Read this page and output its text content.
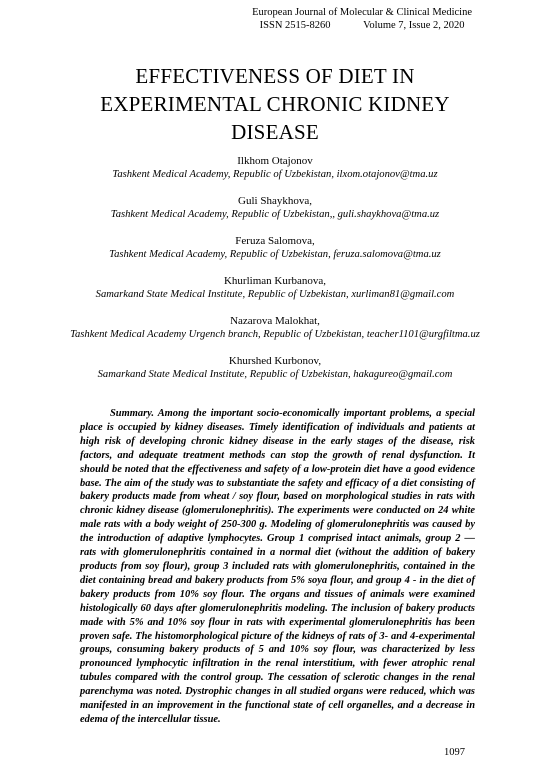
European Journal of Molecular & Clinical Medicine
ISSN 2515-8260	Volume 7, Issue 2, 2020
EFFECTIVENESS OF DIET IN EXPERIMENTAL CHRONIC KIDNEY DISEASE
Ilkhom Otajonov
Tashkent Medical Academy, Republic of Uzbekistan, ilxom.otajonov@tma.uz
Guli Shaykhova,
Tashkent Medical Academy, Republic of Uzbekistan,, guli.shaykhova@tma.uz
Feruza Salomova,
Tashkent Medical Academy, Republic of Uzbekistan, feruza.salomova@tma.uz
Khurliman Kurbanova,
Samarkand State Medical Institute, Republic of Uzbekistan, xurliman81@gmail.com
Nazarova Malokhat,
Tashkent Medical Academy Urgench branch, Republic of Uzbekistan, teacher1101@urgfiltma.uz
Khurshed Kurbonov,
Samarkand State Medical Institute, Republic of Uzbekistan, hakagureo@gmail.com

Summary. Among the important socio-economically important problems, a special place is occupied by kidney diseases. Timely identification of individuals and patients at high risk of developing chronic kidney disease in the early stages of the disease, risk factors, and adequate treatment methods can stop the growth of renal dysfunction. It should be noted that the effectiveness and safety of a low-protein diet have a good evidence base. The aim of the study was to substantiate the safety and efficacy of a diet consisting of bakery products made from wheat / soy flour, based on morphological studies in rats with chronic kidney disease (glomerulonephritis). The experiments were conducted on 24 white male rats with a body weight of 250-300 g. Modeling of glomerulonephritis was caused by the introduction of adaptive lymphocytes. Group 1 comprised intact animals, group 2 — rats with glomerulonephritis contained in a normal diet (without the addition of bakery products from soy flour), group 3 included rats with glomerulonephritis, contained in the diet containing bread and bakery products from 5% soya flour, and group 4 - in the diet of bakery products from 10% soy flour. The organs and tissues of animals were examined histologically 60 days after glomerulonephritis modeling. The inclusion of bakery products made with 5% and 10% soy flour in rats with experimental glomerulonephritis has been proven safe. The histomorphological picture of the kidneys of rats of 3- and 4-experimental groups, consuming bakery products of 5 and 10% soy flour, was characterized by less pronounced lymphocytic infiltration in the renal interstitium, with fewer atrophic renal tubules compared with the control group. The cessation of sclerotic changes in the renal parenchyma was noted. Dystrophic changes in all studied organs were reduced, which was manifested in an improvement in the functional state of cell organelles, and a decrease in edema of the intercellular tissue.

1097
